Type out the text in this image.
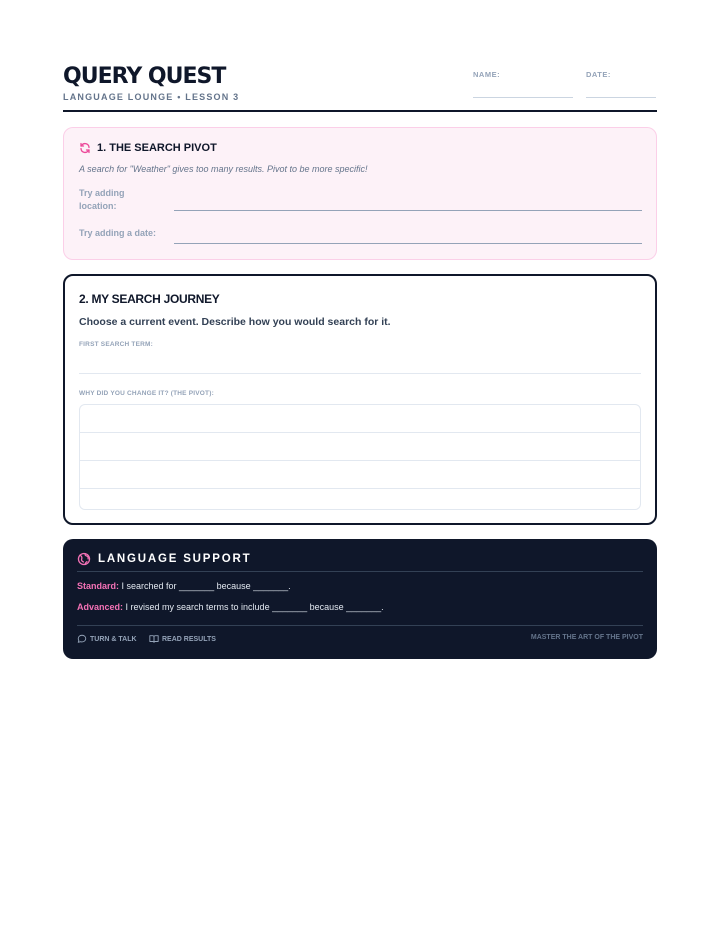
QUERY QUEST
LANGUAGE LOUNGE • LESSON 3
NAME:	DATE:
1. THE SEARCH PIVOT
A search for "Weather" gives too many results. Pivot to be more specific!
Try adding location:
Try adding a date:
2. MY SEARCH JOURNEY
Choose a current event. Describe how you would search for it.
FIRST SEARCH TERM:
WHY DID YOU CHANGE IT? (THE PIVOT):
LANGUAGE SUPPORT
Standard: I searched for _______ because _______.
Advanced: I revised my search terms to include _______ because _______.
TURN & TALK	READ RESULTS	MASTER THE ART OF THE PIVOT
